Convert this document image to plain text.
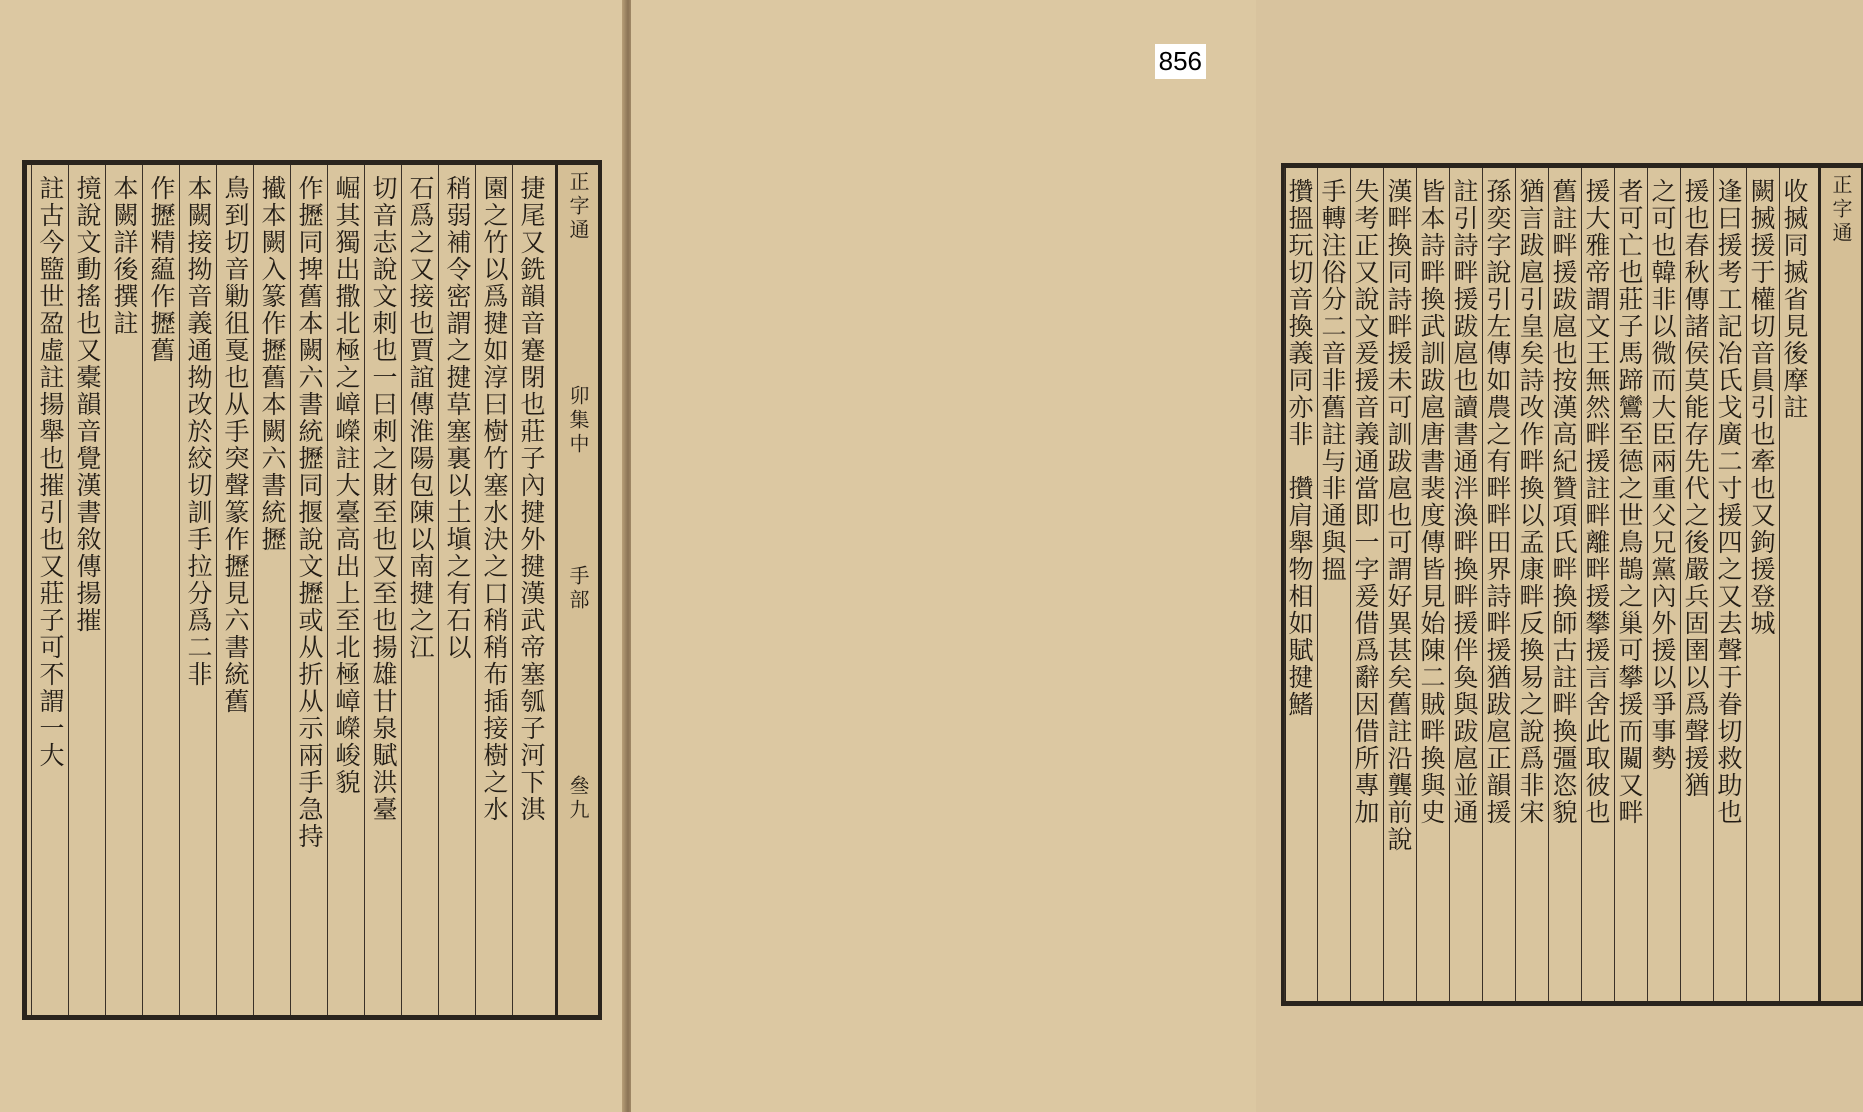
正字通
卯集中
手部
叄九
捷尾又銑韻音蹇閉也莊子內揵外揵漢武帝塞瓠子河下淇
園之竹以爲揵如淳曰樹竹塞水決之口稍稍布插接樹之水
稍弱補令密謂之揵草塞裏以土塡之有石以
石爲之又接也賈誼傳淮陽包陳以南揵之江
切音志說文刺也一曰刺之財至也又至也揚雄甘泉賦洪臺
崛其獨出撒北極之嶂嶸註大臺高出上至北極嶂嶸峻貌
作攊同捭舊本闕六書統攊同揠說文攊或从折从示兩手急持
擮本闕入篆作攊舊本闕六書統攊
鳥到切音勦徂戛也从手突聲篆作攊見六書統舊
本闕接拗音義通拗改於絞切訓手拉分爲二非
作攊精藴作攊舊
本闕詳後撰註
摬說文動搖也又橐韻音覺漢書敘傳揚摧
註古今盬世盈虛註揚舉也摧引也又莊子可不謂一大	正字通
收搣同搣省見後摩註
闕搣援于權切音員引也牽也又鉤援登城
逢曰援考工記冶氏戈廣二寸援四之又去聲于眷切救助也
援也春秋傳諸侯莫能存先代之後嚴兵固圉以爲聲援猶
之可也韓非以微而大臣兩重父兄黨內外援以爭事勢
者可亡也莊子馬蹄鸞至德之世鳥鵲之巢可攀援而闚又畔
援大雅帝謂文王無然畔援註畔離畔援攀援言舍此取彼也
舊註畔援跋扈也按漢高紀贊項氏畔換師古註畔換彊恣貌
猶言跋扈引皇矣詩改作畔換以孟康畔反換易之說爲非宋
孫奕字說引左傳如農之有畔畔田界詩畔援猶跋扈正韻援
註引詩畔援跋扈也讀書通泮渙畔換畔援伴奐與跋扈並通
皆本詩畔換武訓跋扈唐書裴度傳皆見始陳二賊畔換與史
漢畔換同詩畔援未可訓跋扈也可謂好異甚矣舊註沿龔前說
失考正又說文爰援音義通當即一字爰借爲辭因借所專加
手轉注俗分二音非舊註与非通與搵
攢搵玩切音換義同亦非　攢肩舉物相如賦揵鰭
856
